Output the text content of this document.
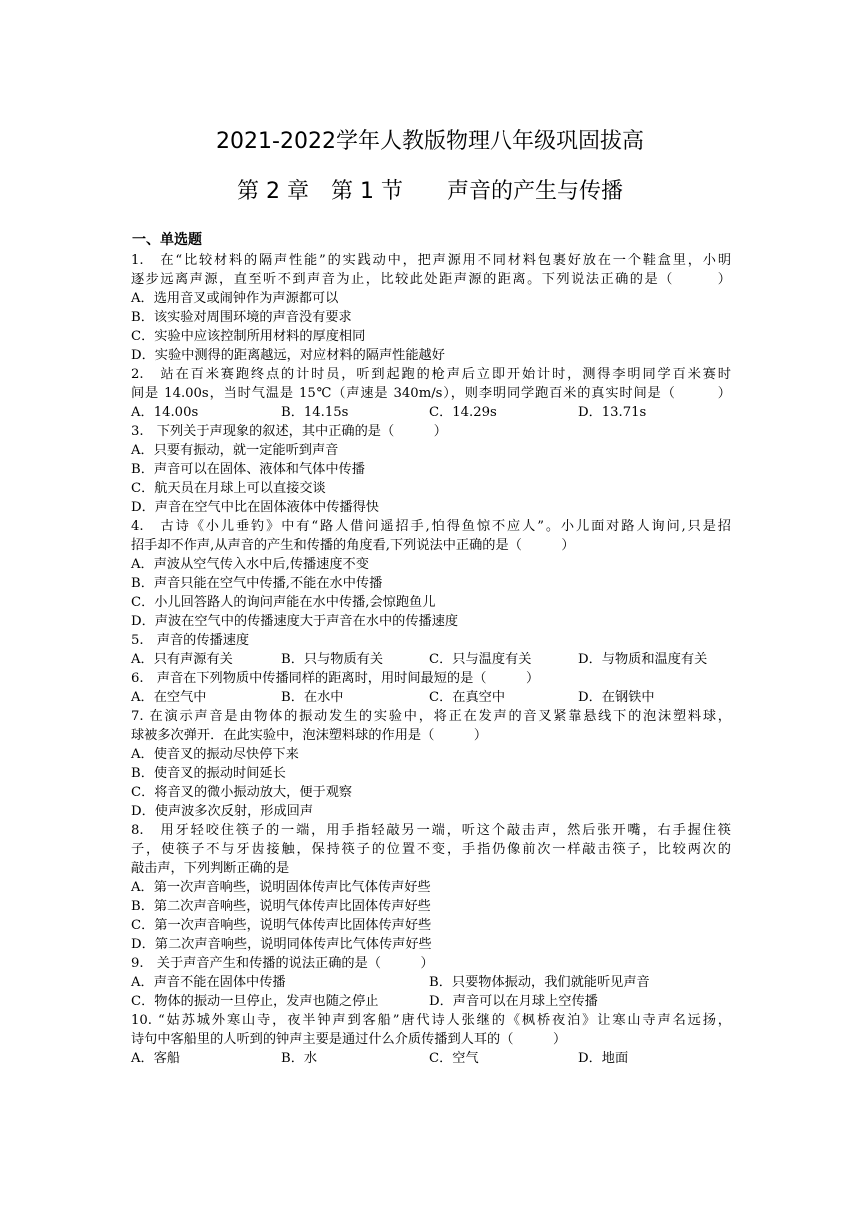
2021-2022学年人教版物理八年级巩固拔高
第 2 章　第 1 节　　声音的产生与传播
一、单选题
1.　在“比较材料的隔声性能”的实践动中，把声源用不同材料包裹好放在一个鞋盒里，小明
逐步远离声源，直至听不到声音为止，比较此处距声源的距离。下列说法正确的是（　　　）
A．选用音叉或闹钟作为声源都可以
B．该实验对周围环境的声音没有要求
C．实验中应该控制所用材料的厚度相同
D．实验中测得的距离越远，对应材料的隔声性能越好
2.　站在百米赛跑终点的计时员，听到起跑的枪声后立即开始计时，测得李明同学百米赛时
间是 14.00s，当时气温是 15℃（声速是 340m/s），则李明同学跑百米的真实时间是（　　　）
A．14.00s	B．14.15s	C．14.29s	D．13.71s
3.　下列关于声现象的叙述，其中正确的是（　　　）
A．只要有振动，就一定能听到声音
B．声音可以在固体、液体和气体中传播
C．航天员在月球上可以直接交谈
D．声音在空气中比在固体液体中传播得快
4.　古诗《小儿垂钓》中有“路人借问遥招手,怕得鱼惊不应人”。小儿面对路人询问,只是招
招手却不作声,从声音的产生和传播的角度看,下列说法中正确的是（　　　）
A．声波从空气传入水中后,传播速度不变
B．声音只能在空气中传播,不能在水中传播
C．小儿回答路人的询问声能在水中传播,会惊跑鱼儿
D．声波在空气中的传播速度大于声音在水中的传播速度
5.　声音的传播速度
A．只有声源有关	B．只与物质有关	C．只与温度有关	D．与物质和温度有关
6.　声音在下列物质中传播同样的距离时，用时间最短的是（　　　）
A．在空气中	B．在水中	C．在真空中	D．在钢铁中
7. 在演示声音是由物体的振动发生的实验中，将正在发声的音叉紧靠悬线下的泡沫塑料球，
球被多次弹开．在此实验中，泡沫塑料球的作用是（　　　）
A．使音叉的振动尽快停下来
B．使音叉的振动时间延长
C．将音叉的微小振动放大，便于观察
D．使声波多次反射，形成回声
8.　用牙轻咬住筷子的一端，用手指轻敲另一端，听这个敲击声，然后张开嘴，右手握住筷
子，使筷子不与牙齿接触，保持筷子的位置不变，手指仍像前次一样敲击筷子，比较两次的
敲击声，下列判断正确的是
A．第一次声音响些，说明固体传声比气体传声好些
B．第二次声音响些，说明气体传声比固体传声好些
C．第一次声音响些，说明气体传声比固体传声好些
D．第二次声音响些，说明同体传声比气体传声好些
9.　关于声音产生和传播的说法正确的是（　　　）
A．声音不能在固体中传播	B．只要物体振动，我们就能听见声音
C．物体的振动一旦停止，发声也随之停止	D．声音可以在月球上空传播
10. “姑苏城外寒山寺，夜半钟声到客船”唐代诗人张继的《枫桥夜泊》让寒山寺声名远扬，
诗句中客船里的人听到的钟声主要是通过什么介质传播到人耳的（　　　）
A．客船	B．水	C．空气	D．地面
